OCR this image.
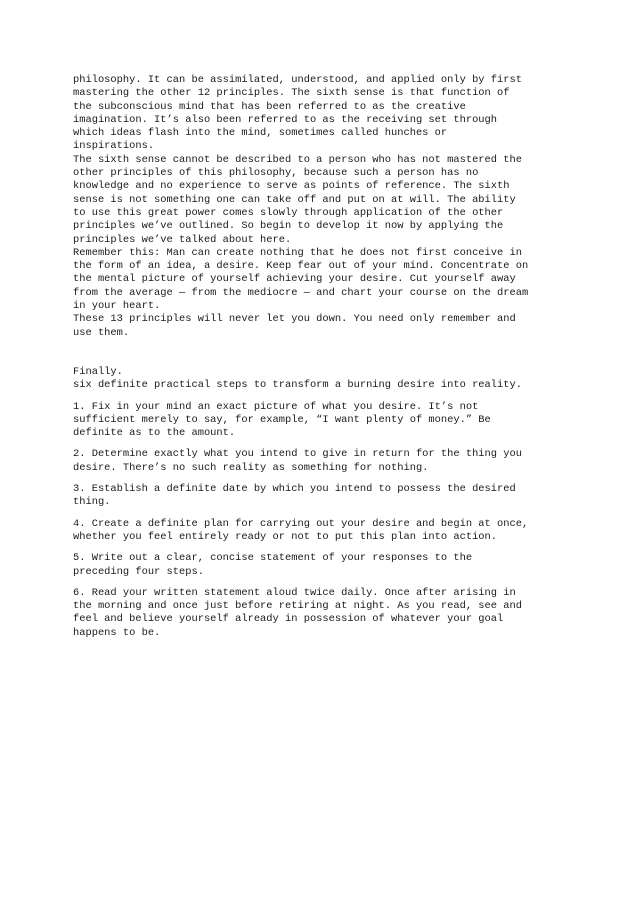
philosophy. It can be assimilated, understood, and applied only by first
mastering the other 12 principles. The sixth sense is that function of
the subconscious mind that has been referred to as the creative
imagination. It’s also been referred to as the receiving set through
which ideas flash into the mind, sometimes called hunches or
inspirations.
The sixth sense cannot be described to a person who has not mastered the
other principles of this philosophy, because such a person has no
knowledge and no experience to serve as points of reference. The sixth
sense is not something one can take off and put on at will. The ability
to use this great power comes slowly through application of the other
principles we’ve outlined. So begin to develop it now by applying the
principles we’ve talked about here.
Remember this: Man can create nothing that he does not first conceive in
the form of an idea, a desire. Keep fear out of your mind. Concentrate on
the mental picture of yourself achieving your desire. Cut yourself away
from the average — from the mediocre — and chart your course on the dream
in your heart.
These 13 principles will never let you down. You need only remember and
use them.
Finally.
six definite practical steps to transform a burning desire into reality.
1. Fix in your mind an exact picture of what you desire. It’s not
sufficient merely to say, for example, “I want plenty of money.” Be
definite as to the amount.
2. Determine exactly what you intend to give in return for the thing you
desire. There’s no such reality as something for nothing.
3. Establish a definite date by which you intend to possess the desired
thing.
4. Create a definite plan for carrying out your desire and begin at once,
whether you feel entirely ready or not to put this plan into action.
5. Write out a clear, concise statement of your responses to the
preceding four steps.
6. Read your written statement aloud twice daily. Once after arising in
the morning and once just before retiring at night. As you read, see and
feel and believe yourself already in possession of whatever your goal
happens to be.
